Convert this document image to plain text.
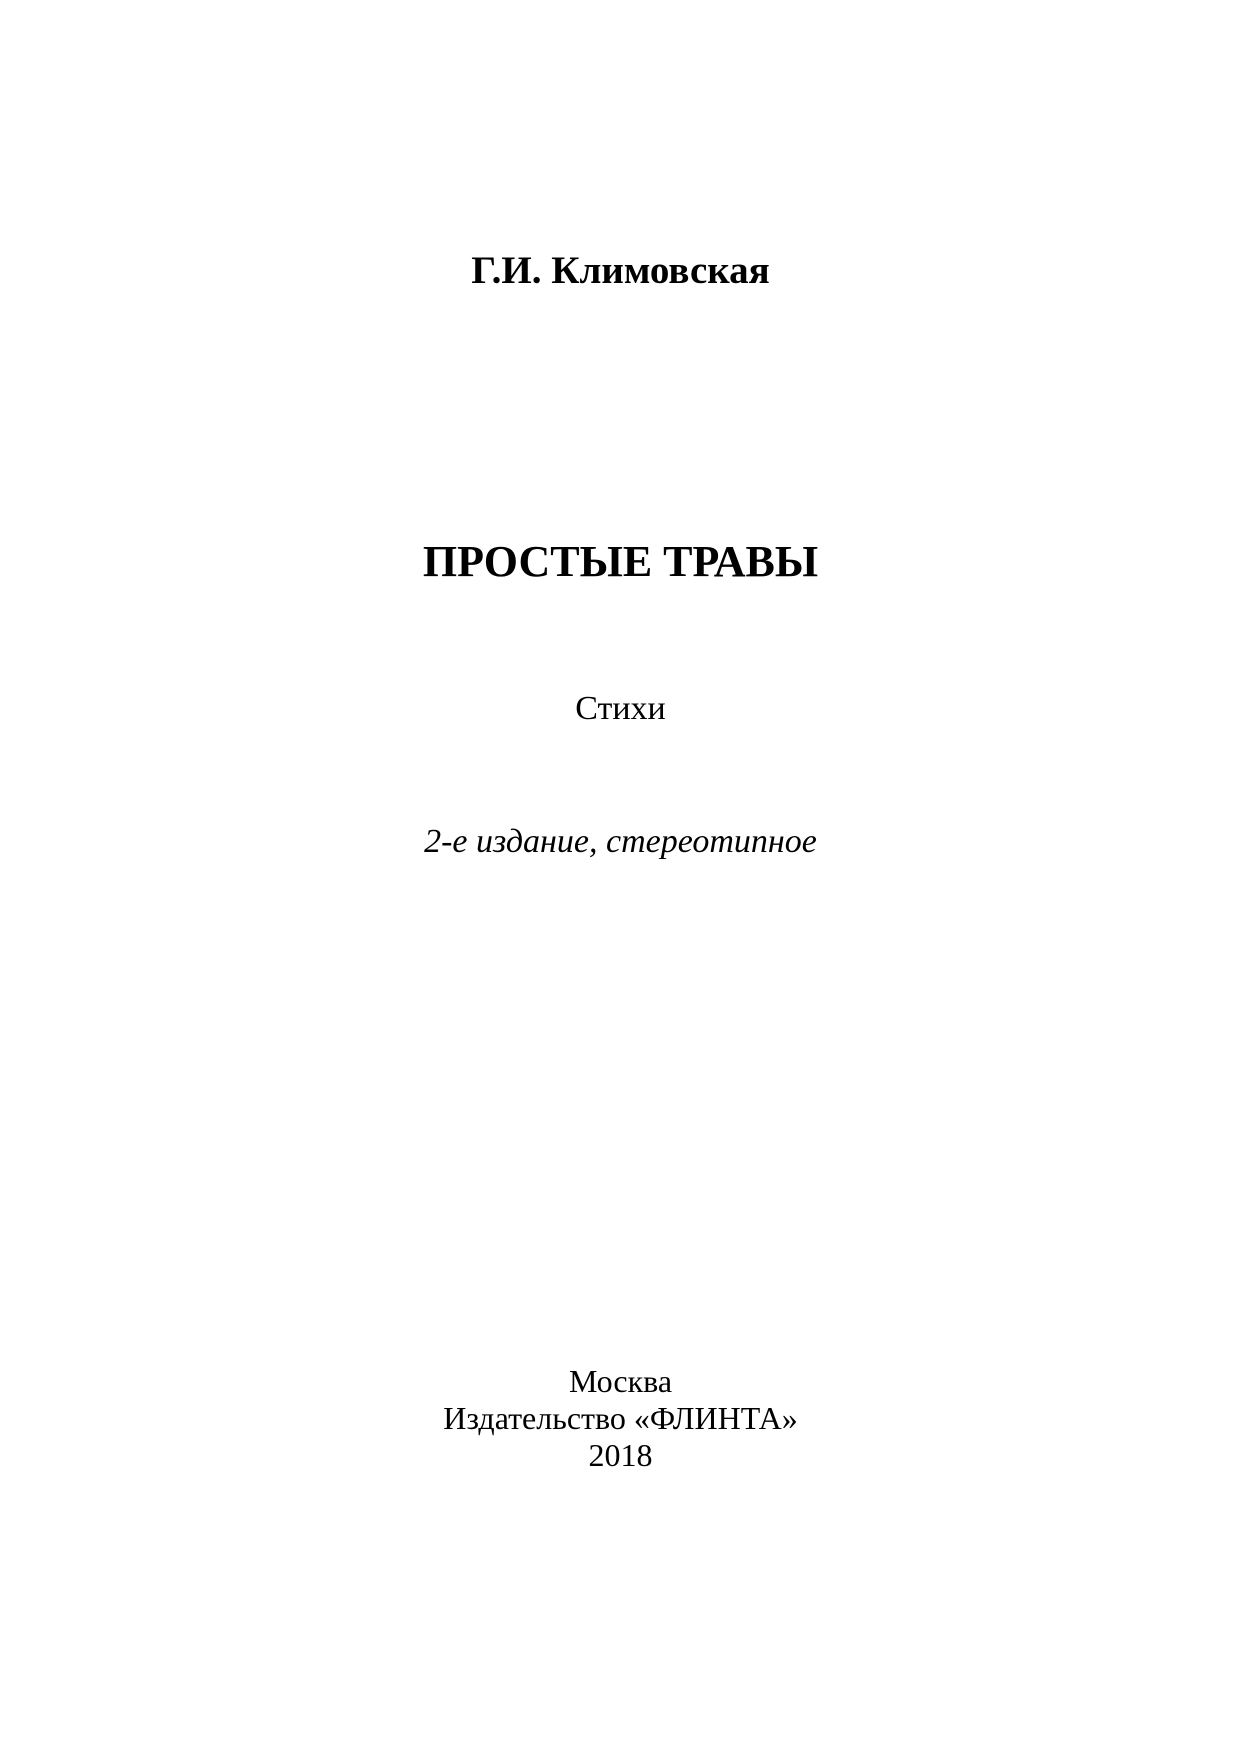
Г.И. Климовская
ПРОСТЫЕ ТРАВЫ
Стихи
2-е издание, стереотипное
Москва
Издательство «ФЛИНТА»
2018
